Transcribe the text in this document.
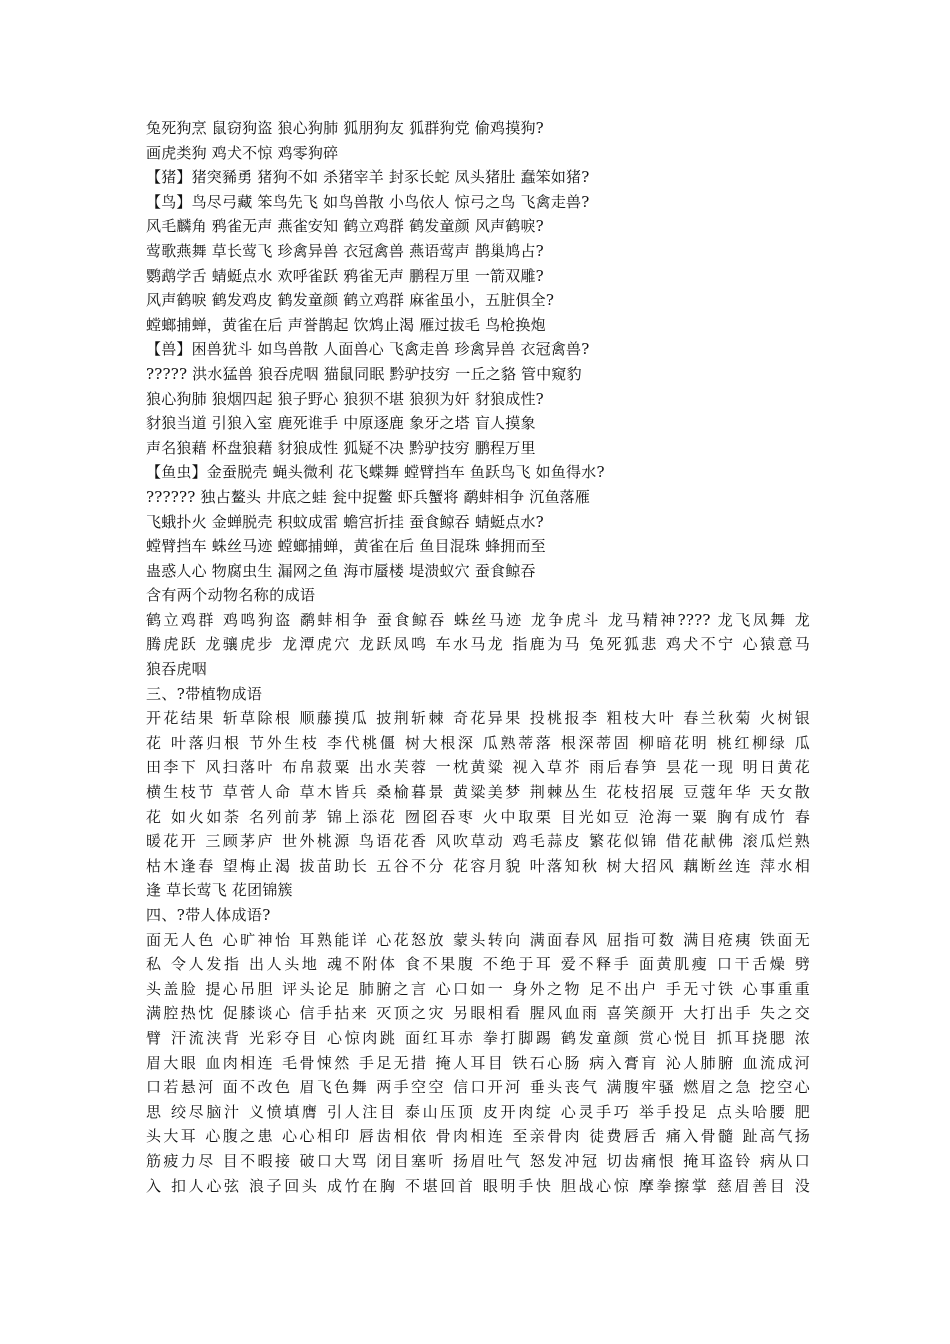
兔死狗烹 鼠窃狗盗 狼心狗肺 狐朋狗友 狐群狗党 偷鸡摸狗?
画虎类狗 鸡犬不惊 鸡零狗碎
【猪】猪突豨勇 猪狗不如 杀猪宰羊 封豕长蛇 凤头猪肚 蠢笨如猪?
【鸟】鸟尽弓藏 笨鸟先飞 如鸟兽散 小鸟依人 惊弓之鸟 飞禽走兽?
风毛麟角 鸦雀无声 燕雀安知 鹤立鸡群 鹤发童颜 风声鹤唳?
莺歌燕舞 草长莺飞 珍禽异兽 衣冠禽兽 燕语莺声 鹊巢鸠占?
鹦鹉学舌 蜻蜓点水 欢呼雀跃 鸦雀无声 鹏程万里 一箭双雕?
风声鹤唳 鹤发鸡皮 鹤发童颜 鹤立鸡群 麻雀虽小，五脏俱全?
螳螂捕蝉，黄雀在后 声誉鹊起 饮鸩止渴 雁过拔毛 鸟枪换炮
【兽】困兽犹斗 如鸟兽散 人面兽心 飞禽走兽 珍禽异兽 衣冠禽兽?
????? 洪水猛兽 狼吞虎咽 猫鼠同眠 黔驴技穷 一丘之貉 管中窥豹
狼心狗肺 狼烟四起 狼子野心 狼狈不堪 狼狈为奸 豺狼成性?
豺狼当道 引狼入室 鹿死谁手 中原逐鹿 象牙之塔 盲人摸象
声名狼藉 杯盘狼藉 豺狼成性 狐疑不决 黔驴技穷 鹏程万里
【鱼虫】金蚕脱壳 蝇头微利 花飞蝶舞 螳臂挡车 鱼跃鸟飞 如鱼得水?
?????? 独占鳌头 井底之蛙 瓮中捉鳖 虾兵蟹将 鹬蚌相争 沉鱼落雁
飞蛾扑火 金蝉脱壳 积蚊成雷 蟾宫折挂 蚕食鲸吞 蜻蜓点水?
螳臂挡车 蛛丝马迹 螳螂捕蝉，黄雀在后 鱼目混珠 蜂拥而至
蛊惑人心 物腐虫生 漏网之鱼 海市蜃楼 堤溃蚁穴 蚕食鲸吞
含有两个动物名称的成语
鹤立鸡群 鸡鸣狗盗 鹬蚌相争 蚕食鲸吞 蛛丝马迹 龙争虎斗 龙马精神???? 龙飞凤舞 龙
腾虎跃 龙骧虎步 龙潭虎穴 龙跃凤鸣 车水马龙 指鹿为马 兔死狐悲 鸡犬不宁 心猿意马
狼吞虎咽
三、?带植物成语
开花结果 斩草除根 顺藤摸瓜 披荆斩棘 奇花异果 投桃报李 粗枝大叶 春兰秋菊 火树银
花 叶落归根 节外生枝 李代桃僵 树大根深 瓜熟蒂落 根深蒂固 柳暗花明 桃红柳绿 瓜
田李下 风扫落叶 布帛菽粟 出水芙蓉 一枕黄粱 视入草芥 雨后春笋 昙花一现 明日黄花
横生枝节 草菅人命 草木皆兵 桑榆暮景 黄粱美梦 荆棘丛生 花枝招展 豆蔻年华 天女散
花 如火如荼 名列前茅 锦上添花 囫囵吞枣 火中取栗 目光如豆 沧海一粟 胸有成竹 春
暖花开 三顾茅庐 世外桃源 鸟语花香 风吹草动 鸡毛蒜皮 繁花似锦 借花献佛 滚瓜烂熟
枯木逢春 望梅止渴 拔苗助长 五谷不分 花容月貌 叶落知秋 树大招风 藕断丝连 萍水相
逢 草长莺飞 花团锦簇
四、?带人体成语?
面无人色 心旷神怡 耳熟能详 心花怒放 蒙头转向 满面春风 屈指可数 满目疮痍 铁面无
私 令人发指 出人头地 魂不附体 食不果腹 不绝于耳 爱不释手 面黄肌瘦 口干舌燥 劈
头盖脸 提心吊胆 评头论足 肺腑之言 心口如一 身外之物 足不出户 手无寸铁 心事重重
满腔热忱 促膝谈心 信手拈来 灭顶之灾 另眼相看 腥风血雨 喜笑颜开 大打出手 失之交
臂 汗流浃背 光彩夺目 心惊肉跳 面红耳赤 拳打脚踢 鹤发童颜 赏心悦目 抓耳挠腮 浓
眉大眼 血肉相连 毛骨悚然 手足无措 掩人耳目 铁石心肠 病入膏肓 沁人肺腑 血流成河
口若悬河 面不改色 眉飞色舞 两手空空 信口开河 垂头丧气 满腹牢骚 燃眉之急 挖空心
思 绞尽脑汁 义愤填膺 引人注目 泰山压顶 皮开肉绽 心灵手巧 举手投足 点头哈腰 肥
头大耳 心腹之患 心心相印 唇齿相依 骨肉相连 至亲骨肉 徒费唇舌 痛入骨髓 趾高气扬
筋疲力尽 目不暇接 破口大骂 闭目塞听 扬眉吐气 怒发冲冠 切齿痛恨 掩耳盗铃 病从口
入 扣人心弦 浪子回头 成竹在胸 不堪回首 眼明手快 胆战心惊 摩拳擦掌 慈眉善目 没
